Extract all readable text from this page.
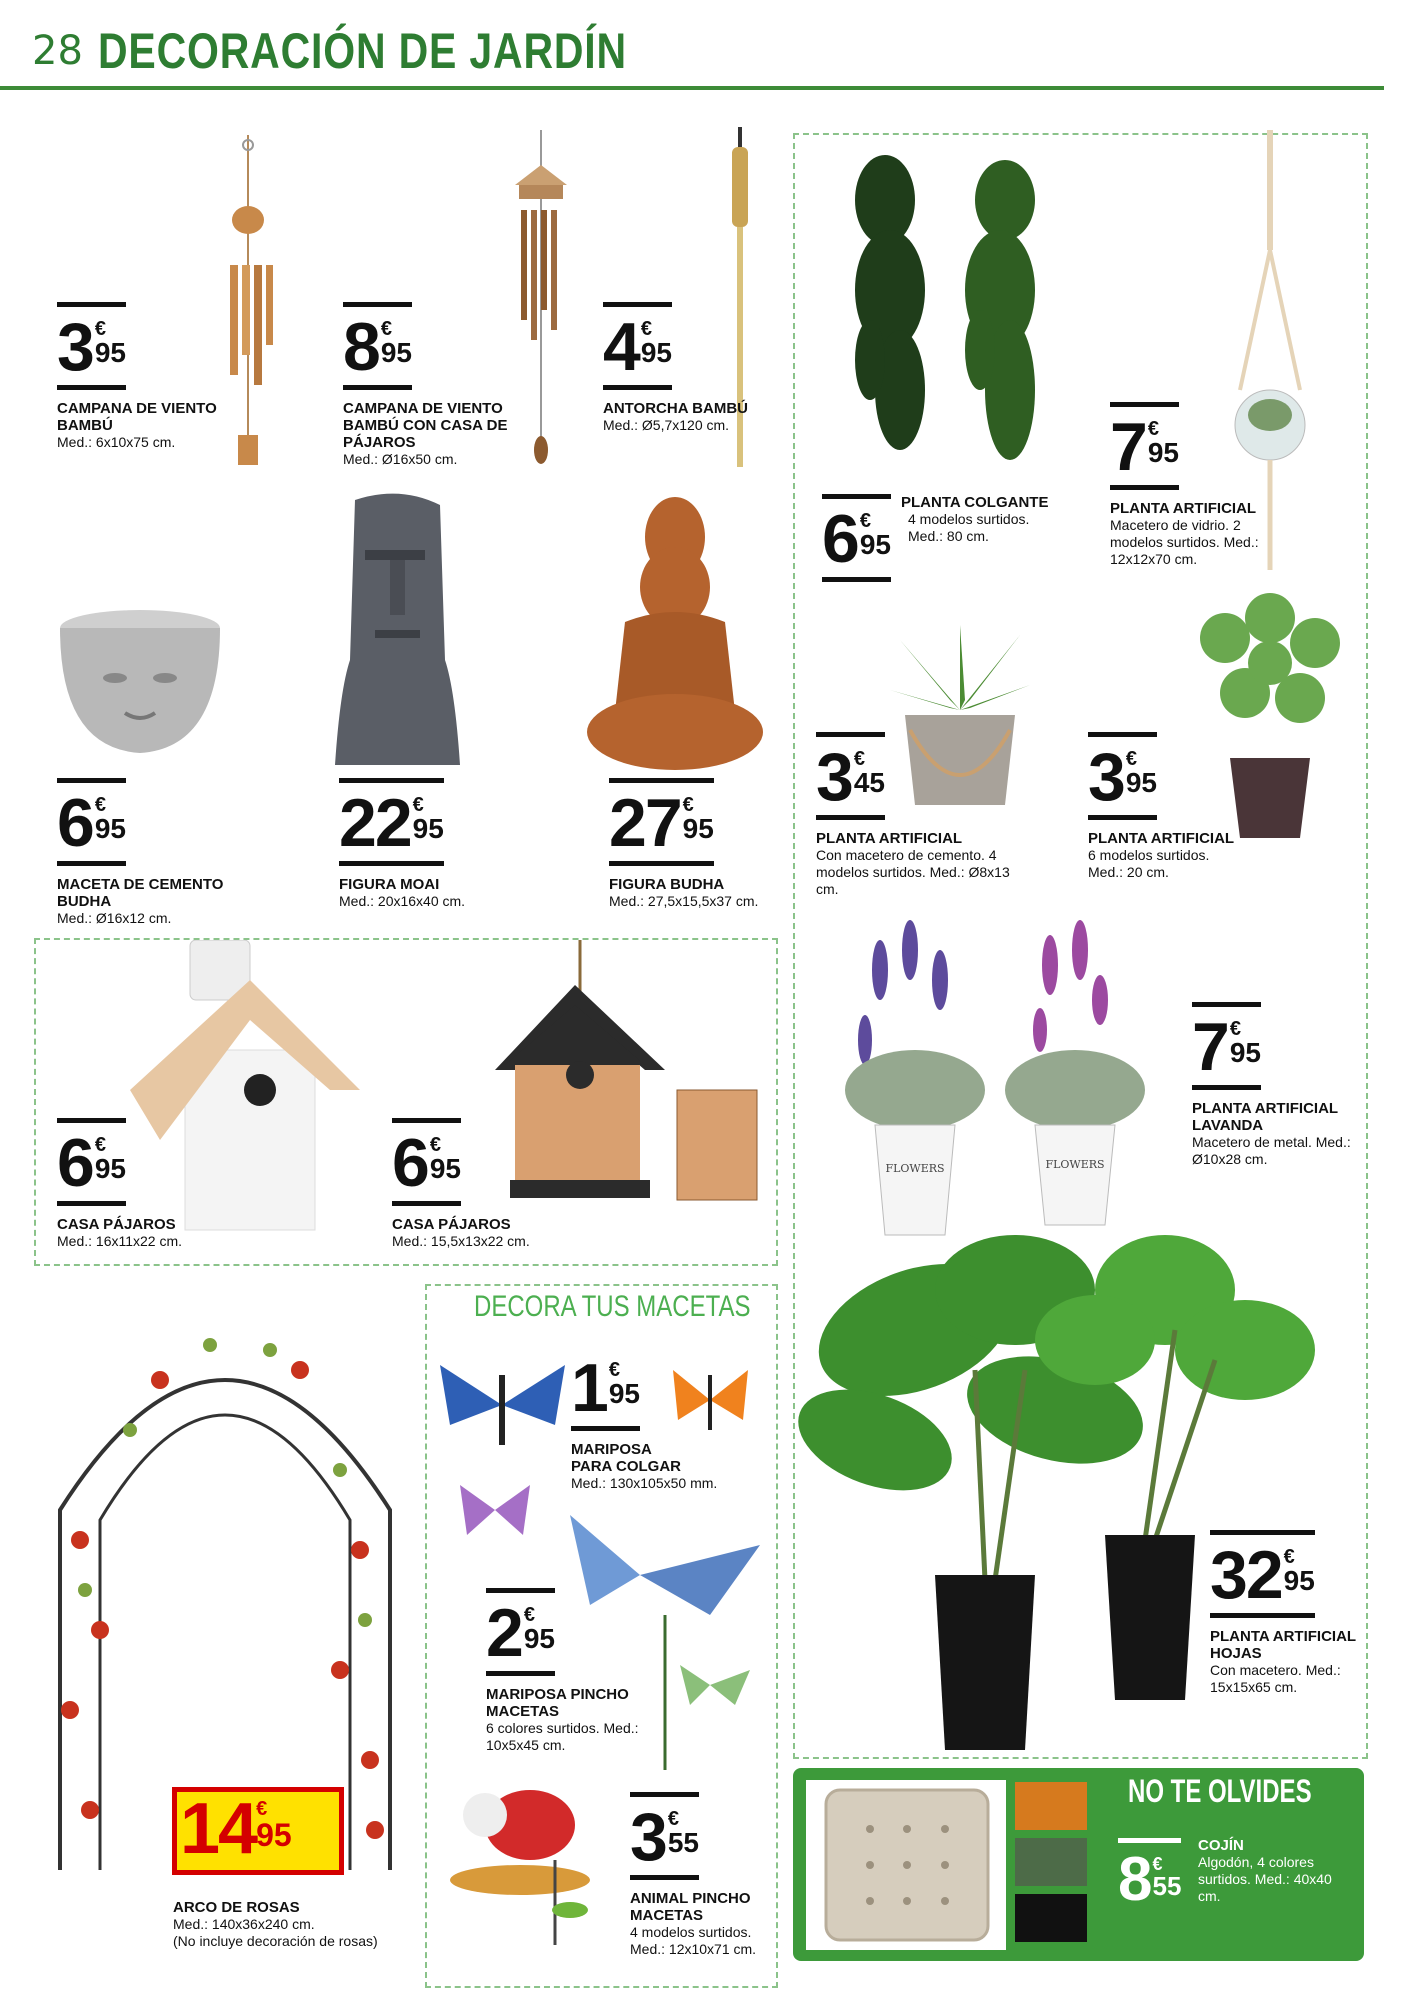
28 DECORACIÓN DE JARDÍN
3 €
95
CAMPANA DE VIENTO BAMBÚ
Med.: 6x10x75 cm.
8 €
95
CAMPANA DE VIENTO BAMBÚ CON CASA DE PÁJAROS
Med.: Ø16x50 cm.
4 €
95
ANTORCHA BAMBÚ
Med.: Ø5,7x120 cm.
6 €
95
PLANTA COLGANTE
4 modelos surtidos. Med.: 80 cm.
7 €
95
PLANTA ARTIFICIAL
Macetero de vidrio. 2 modelos surtidos. Med.: 12x12x70 cm.
6 €
95
MACETA DE CEMENTO BUDHA
Med.: Ø16x12 cm.
22 €
95
FIGURA MOAI
Med.: 20x16x40 cm.
27 €
95
FIGURA BUDHA
Med.: 27,5x15,5x37 cm.
3 €
45
PLANTA ARTIFICIAL
Con macetero de cemento. 4 modelos surtidos. Med.: Ø8x13 cm.
3 €
95
PLANTA ARTIFICIAL
6 modelos surtidos. Med.: 20 cm.
6 €
95
CASA PÁJAROS
Med.: 16x11x22 cm.
6 €
95
CASA PÁJAROS
Med.: 15,5x13x22 cm.
FLOWERS	FLOWERS
7 €
95
PLANTA ARTIFICIAL LAVANDA
Macetero de metal. Med.: Ø10x28 cm.
32 €
95
PLANTA ARTIFICIAL HOJAS
Con macetero. Med.: 15x15x65 cm.
14 €
95
ARCO DE ROSAS
Med.: 140x36x240 cm.
(No incluye decoración de rosas)
DECORA TUS MACETAS
1 €
95
MARIPOSA PARA COLGAR
Med.: 130x105x50 mm.
2 €
95
MARIPOSA PINCHO MACETAS
6 colores surtidos. Med.: 10x5x45 cm.
3 €
55
ANIMAL PINCHO MACETAS
4 modelos surtidos. Med.: 12x10x71 cm.
NO TE OLVIDES
8 €
55
COJÍN
Algodón, 4 colores surtidos. Med.: 40x40 cm.
